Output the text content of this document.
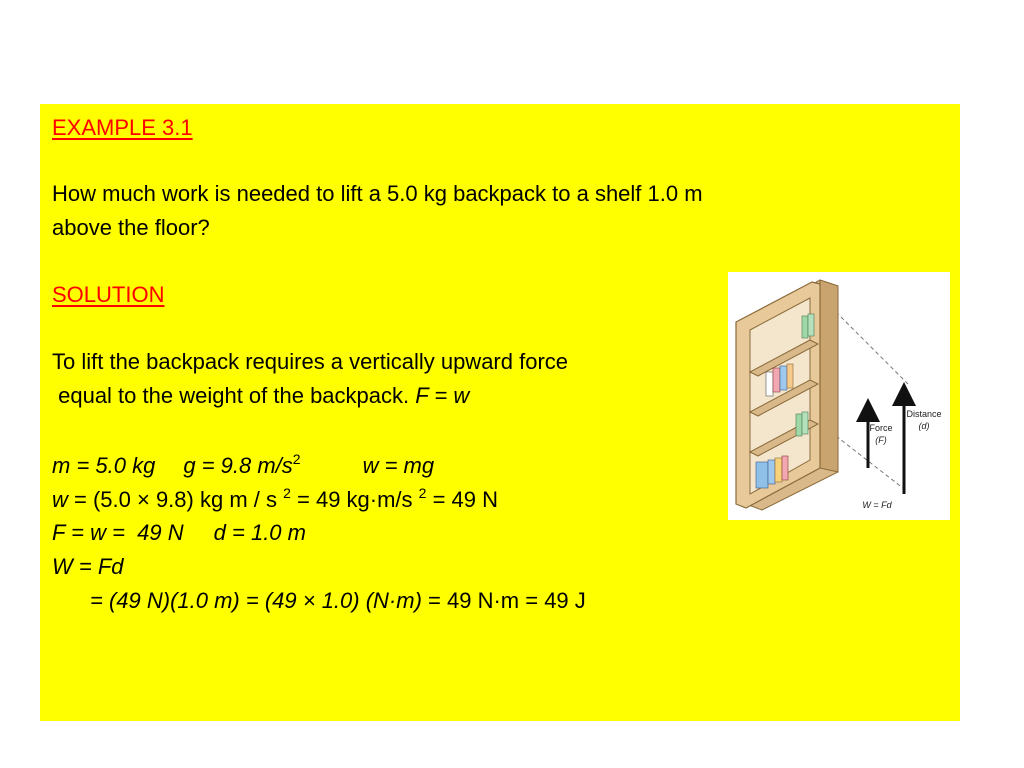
EXAMPLE 3.1
How much work is needed to lift a 5.0 kg backpack to a shelf 1.0 m
above the floor?
SOLUTION
To lift the backpack requires a vertically upward force
equal to the weight of the backpack. F = w
m = 5.0 kg g = 9.8 $m/s^2$	w = mg
w = (5.0 × 9.8) kg m / s $^2$ = 49 kg·m/s $^2$ = 49 N
F = w =  49 N d = 1.0 m
W = Fd
= (49 N)(1.0 m) = (49 × 1.0) (N·m) = 49 N·m = 49 J
Force
(F)
Distance
(d)
W = Fd
